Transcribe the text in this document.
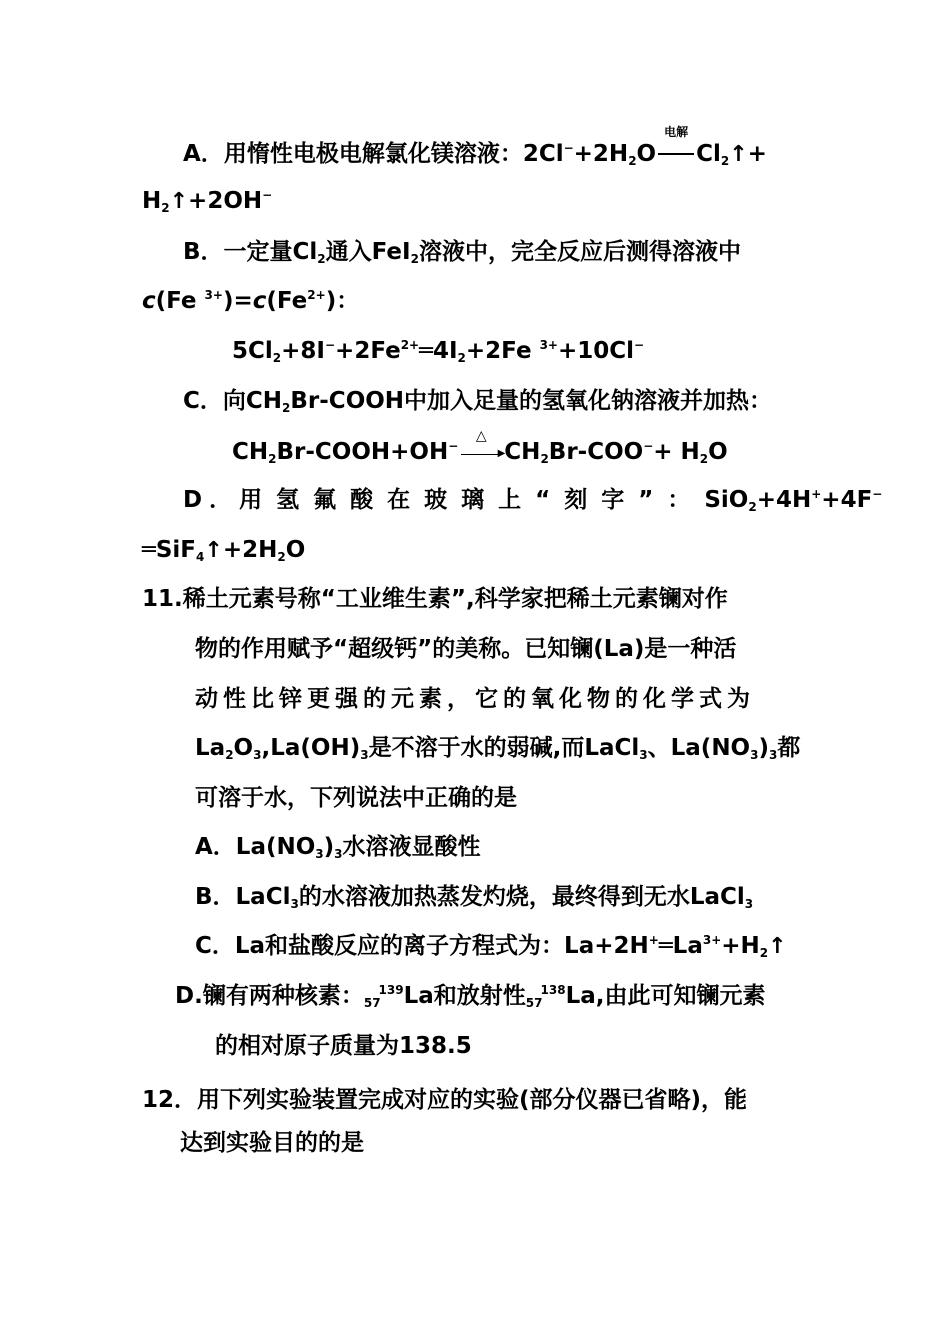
A．用惰性电极电解氯化镁溶液：$2Cl^-+2H_2O$
电解
$Cl_2↑+$
$H_2↑+2OH^-$
B．一定量$Cl_2$通入FeI$_2$溶液中，完全反应后测得溶液中
c(Fe $^{3+})=c(Fe^{2+})$：
$5Cl_2+8I^-+2Fe^{2+}═4I_2+2Fe$ $^{3+}$+10Cl−
C．向$CH_2Br$-COOH中加入足量的氢氧化钠溶液并加热：
$CH_2Br-COOH+OH^-$
△
▶ $CH_2Br-COO^-+ H_2O$
D．用氢氟酸在玻璃上“刻字”：SiO$_2$+4H++4F−
$═SiF_4↑+2H_2O$
11.稀土元素号称“工业维生素”,科学家把稀土元素镧对作
物的作用赋予“超级钙”的美称。已知镧(La)是一种活
动性比锌更强的元素，它的氧化物的化学式为
$La_2O_3,La(OH)_3$是不溶于水的弱碱,而LaCl$_3$、$La(NO_3)_3$都
可溶于水，下列说法中正确的是
A．$La(NO_3)_3$水溶液显酸性
B．LaCl$_3$的水溶液加热蒸发灼烧，最终得到无水LaCl$_3$
C．La和盐酸反应的离子方程式为：$La+2H^+═La^{3+}+H_2↑$
D.镧有两种核素：$_{57}^{139}$La和放射性$_{57}^{138}$La,由此可知镧元素
的相对原子质量为138.5
12．用下列实验装置完成对应的实验(部分仪器已省略)，能
达到实验目的的是
